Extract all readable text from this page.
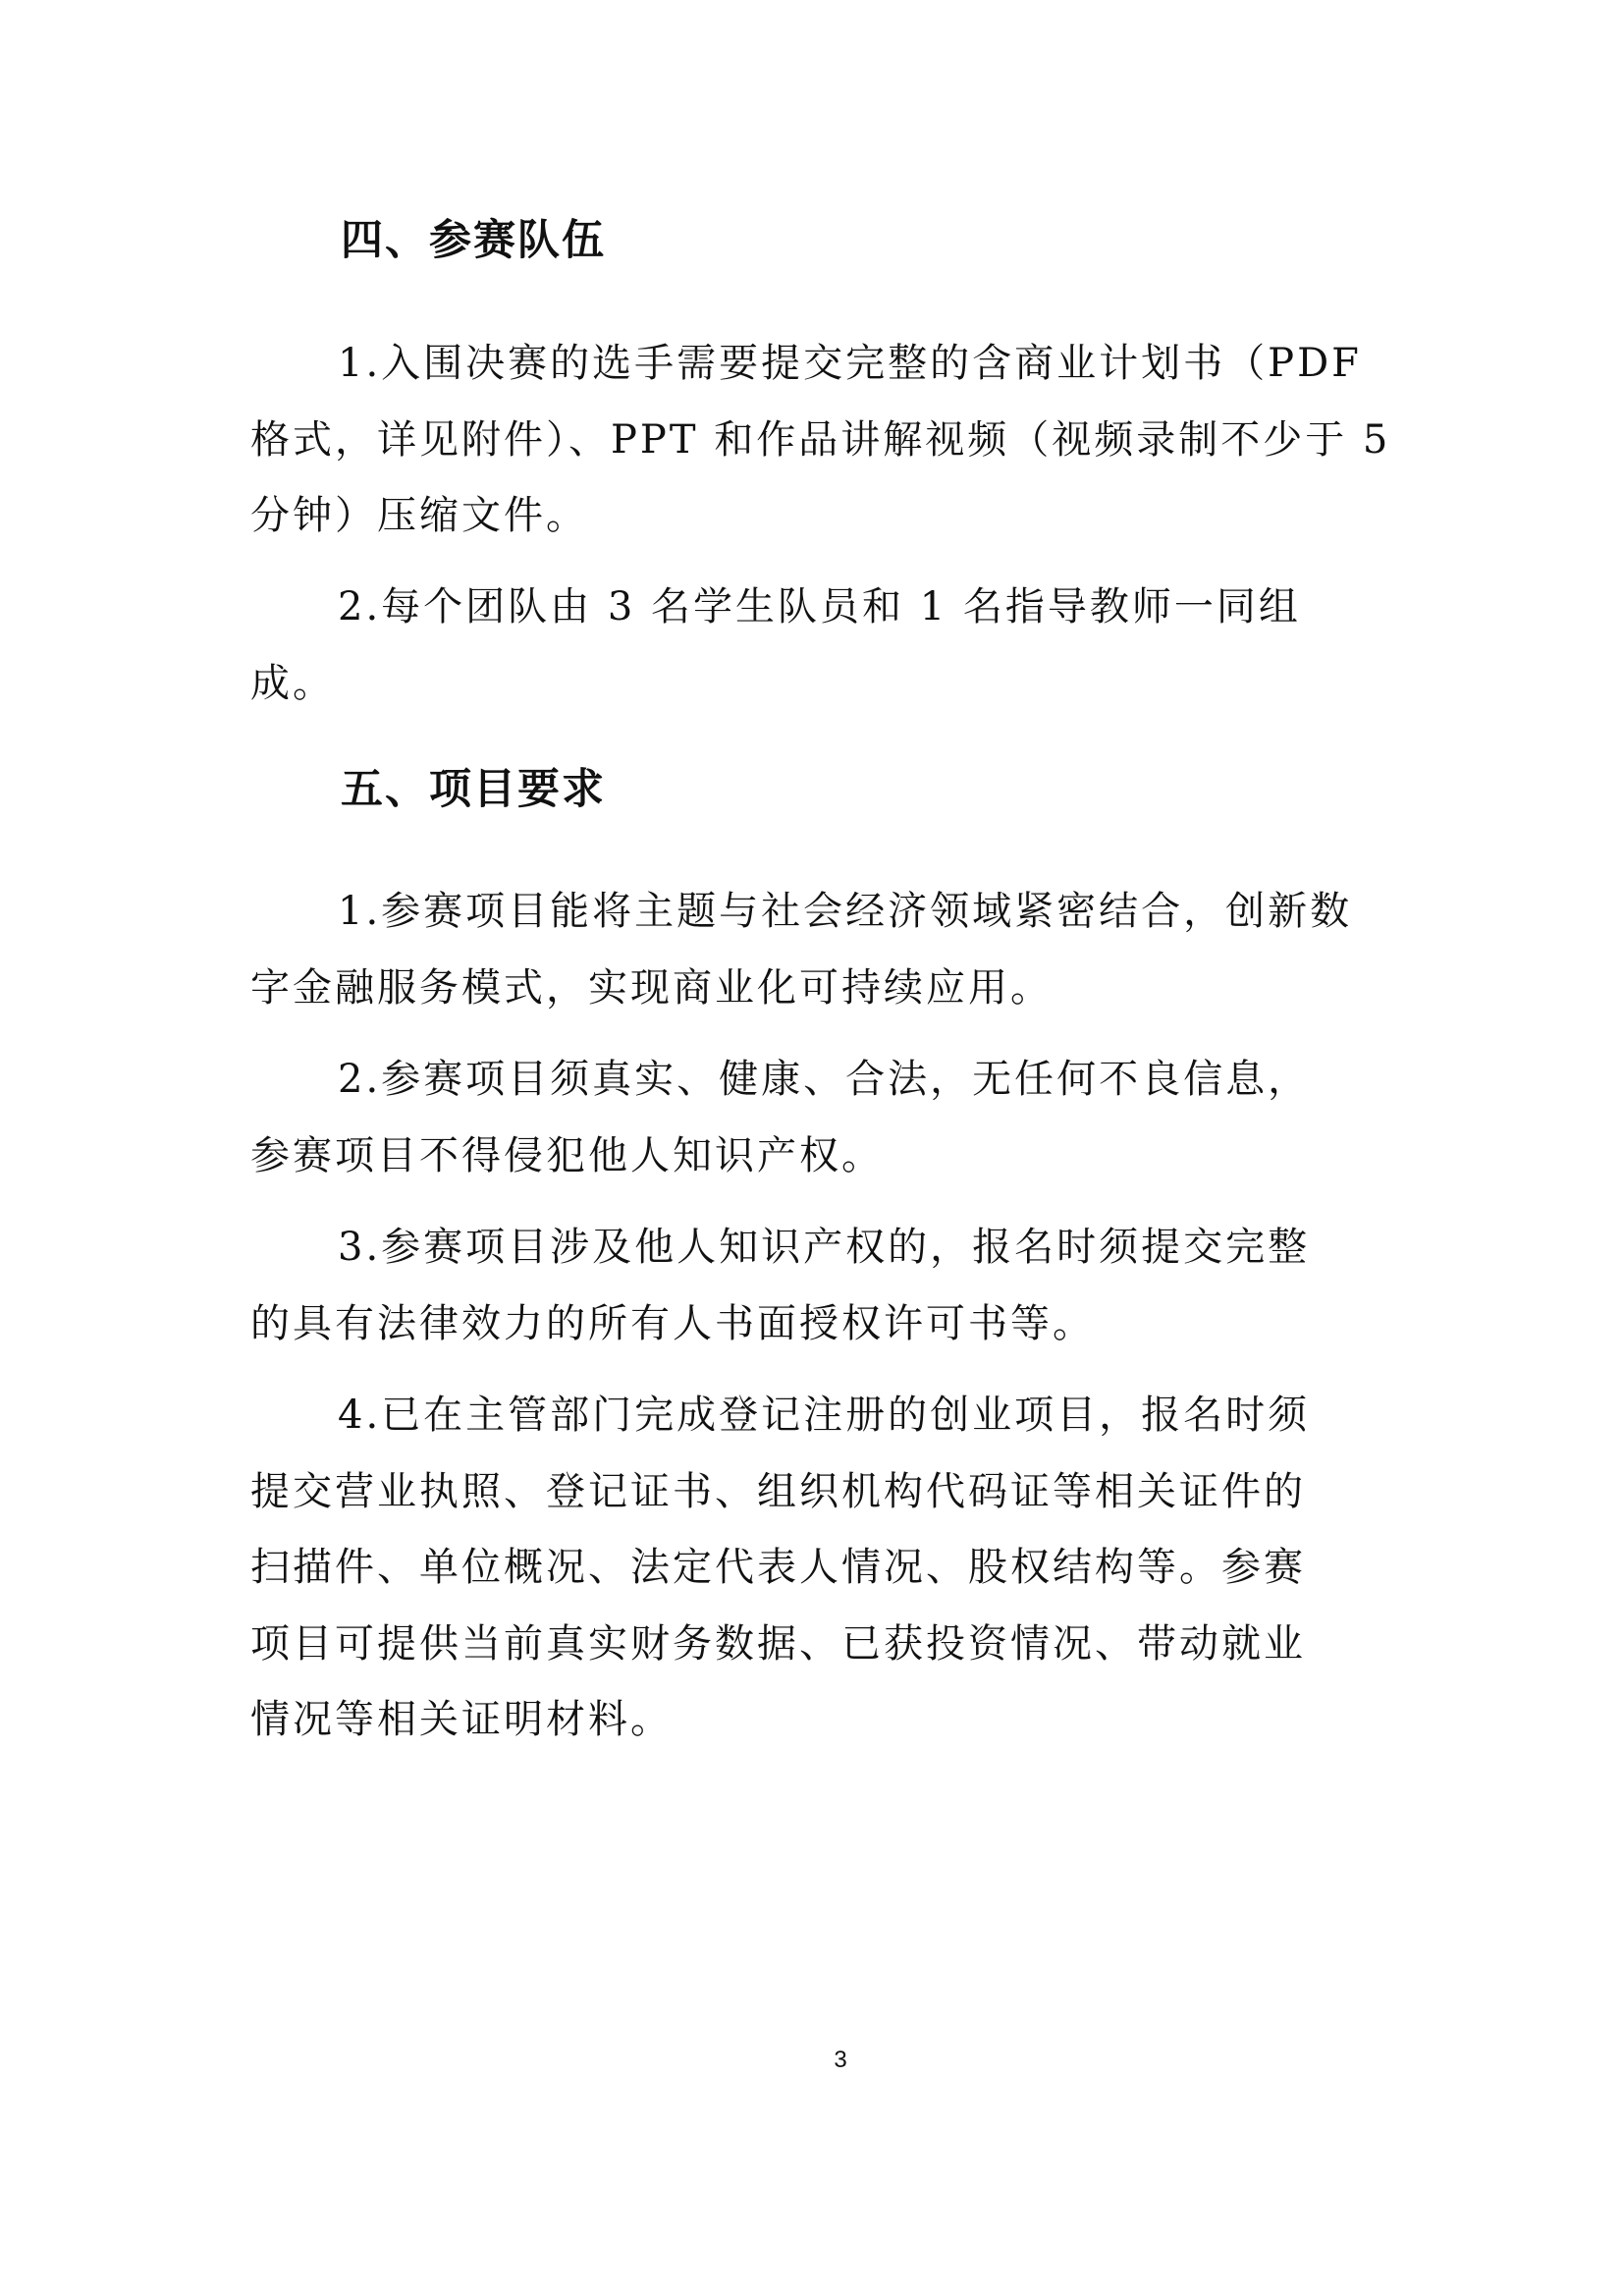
四、参赛队伍

1.入围决赛的选手需要提交完整的含商业计划书（PDF

格式，详见附件）、PPT 和作品讲解视频（视频录制不少于 5

分钟）压缩文件。

2.每个团队由 3 名学生队员和 1 名指导教师一同组

成。

五、项目要求

1.参赛项目能将主题与社会经济领域紧密结合，创新数

字金融服务模式，实现商业化可持续应用。

2.参赛项目须真实、健康、合法，无任何不良信息，

参赛项目不得侵犯他人知识产权。

3.参赛项目涉及他人知识产权的，报名时须提交完整

的具有法律效力的所有人书面授权许可书等。

4.已在主管部门完成登记注册的创业项目，报名时须

提交营业执照、登记证书、组织机构代码证等相关证件的

扫描件、单位概况、法定代表人情况、股权结构等。参赛

项目可提供当前真实财务数据、已获投资情况、带动就业

情况等相关证明材料。

3
